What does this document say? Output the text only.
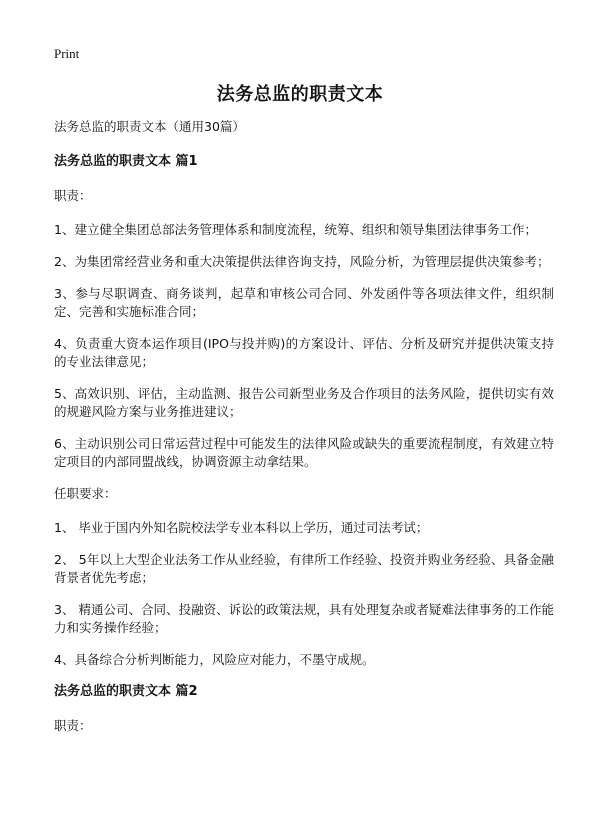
Print
法务总监的职责文本
法务总监的职责文本（通用30篇）
法务总监的职责文本 篇1
职责：
1、建立健全集团总部法务管理体系和制度流程，统筹、组织和领导集团法律事务工作；
2、为集团常经营业务和重大决策提供法律咨询支持，风险分析，为管理层提供决策参考；
3、参与尽职调查、商务谈判，起草和审核公司合同、外发函件等各项法律文件，组织制定、完善和实施标准合同；
4、负责重大资本运作项目(IPO与投并购)的方案设计、评估、分析及研究并提供决策支持的专业法律意见；
5、高效识别、评估，主动监测、报告公司新型业务及合作项目的法务风险，提供切实有效的规避风险方案与业务推进建议；
6、主动识别公司日常运营过程中可能发生的法律风险或缺失的重要流程制度，有效建立特定项目的内部同盟战线，协调资源主动拿结果。
任职要求：
1、 毕业于国内外知名院校法学专业本科以上学历，通过司法考试；
2、 5年以上大型企业法务工作从业经验，有律所工作经验、投资并购业务经验、具备金融背景者优先考虑；
3、 精通公司、合同、投融资、诉讼的政策法规，具有处理复杂或者疑难法律事务的工作能力和实务操作经验；
4、具备综合分析判断能力，风险应对能力，不墨守成规。
法务总监的职责文本 篇2
职责：
